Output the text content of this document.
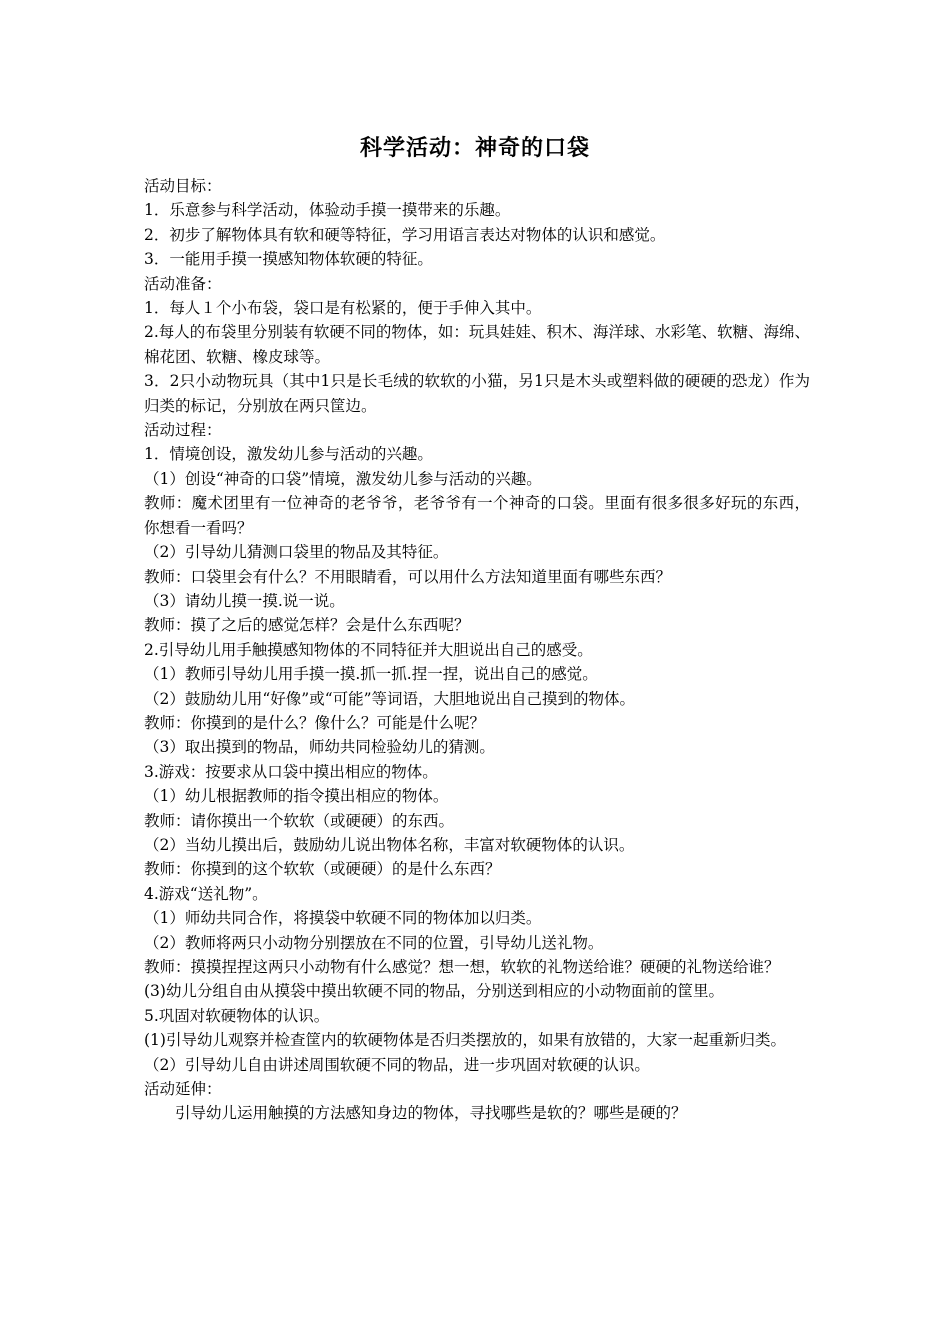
科学活动：神奇的口袋
活动目标：
1．乐意参与科学活动，体验动手摸一摸带来的乐趣。
2．初步了解物体具有软和硬等特征，学习用语言表达对物体的认识和感觉。
3．一能用手摸一摸感知物体软硬的特征。
活动准备：
1．每人１个小布袋，袋口是有松紧的，便于手伸入其中。
2.每人的布袋里分别装有软硬不同的物体，如：玩具娃娃、积木、海洋球、水彩笔、软糖、海绵、棉花团、软糖、橡皮球等。
3．2只小动物玩具（其中1只是长毛绒的软软的小猫，另1只是木头或塑料做的硬硬的恐龙）作为归类的标记，分别放在两只筐边。
活动过程：
1．情境创设，激发幼儿参与活动的兴趣。
（1）创设“神奇的口袋”情境，激发幼儿参与活动的兴趣。
教师：魔术团里有一位神奇的老爷爷，老爷爷有一个神奇的口袋。里面有很多很多好玩的东西，你想看一看吗？
（2）引导幼儿猜测口袋里的物品及其特征。
教师：口袋里会有什么？不用眼睛看，可以用什么方法知道里面有哪些东西？
（3）请幼儿摸一摸.说一说。
教师：摸了之后的感觉怎样？会是什么东西呢？
2.引导幼儿用手触摸感知物体的不同特征并大胆说出自己的感受。
（1）教师引导幼儿用手摸一摸.抓一抓.捏一捏，说出自己的感觉。
（2）鼓励幼儿用“好像”或“可能”等词语，大胆地说出自己摸到的物体。
教师：你摸到的是什么？像什么？可能是什么呢？
（3）取出摸到的物品，师幼共同检验幼儿的猜测。
3.游戏：按要求从口袋中摸出相应的物体。
（1）幼儿根据教师的指令摸出相应的物体。
教师：请你摸出一个软软（或硬硬）的东西。
（2）当幼儿摸出后，鼓励幼儿说出物体名称，丰富对软硬物体的认识。
教师：你摸到的这个软软（或硬硬）的是什么东西？
4.游戏“送礼物”。
（1）师幼共同合作，将摸袋中软硬不同的物体加以归类。
（2）教师将两只小动物分别摆放在不同的位置，引导幼儿送礼物。
教师：摸摸捏捏这两只小动物有什么感觉？想一想，软软的礼物送给谁？硬硬的礼物送给谁？
(3)幼儿分组自由从摸袋中摸出软硬不同的物品，分别送到相应的小动物面前的筐里。
5.巩固对软硬物体的认识。
(1)引导幼儿观察并检查筐内的软硬物体是否归类摆放的，如果有放错的，大家一起重新归类。
（2）引导幼儿自由讲述周围软硬不同的物品，进一步巩固对软硬的认识。
活动延伸：
引导幼儿运用触摸的方法感知身边的物体，寻找哪些是软的？哪些是硬的？
